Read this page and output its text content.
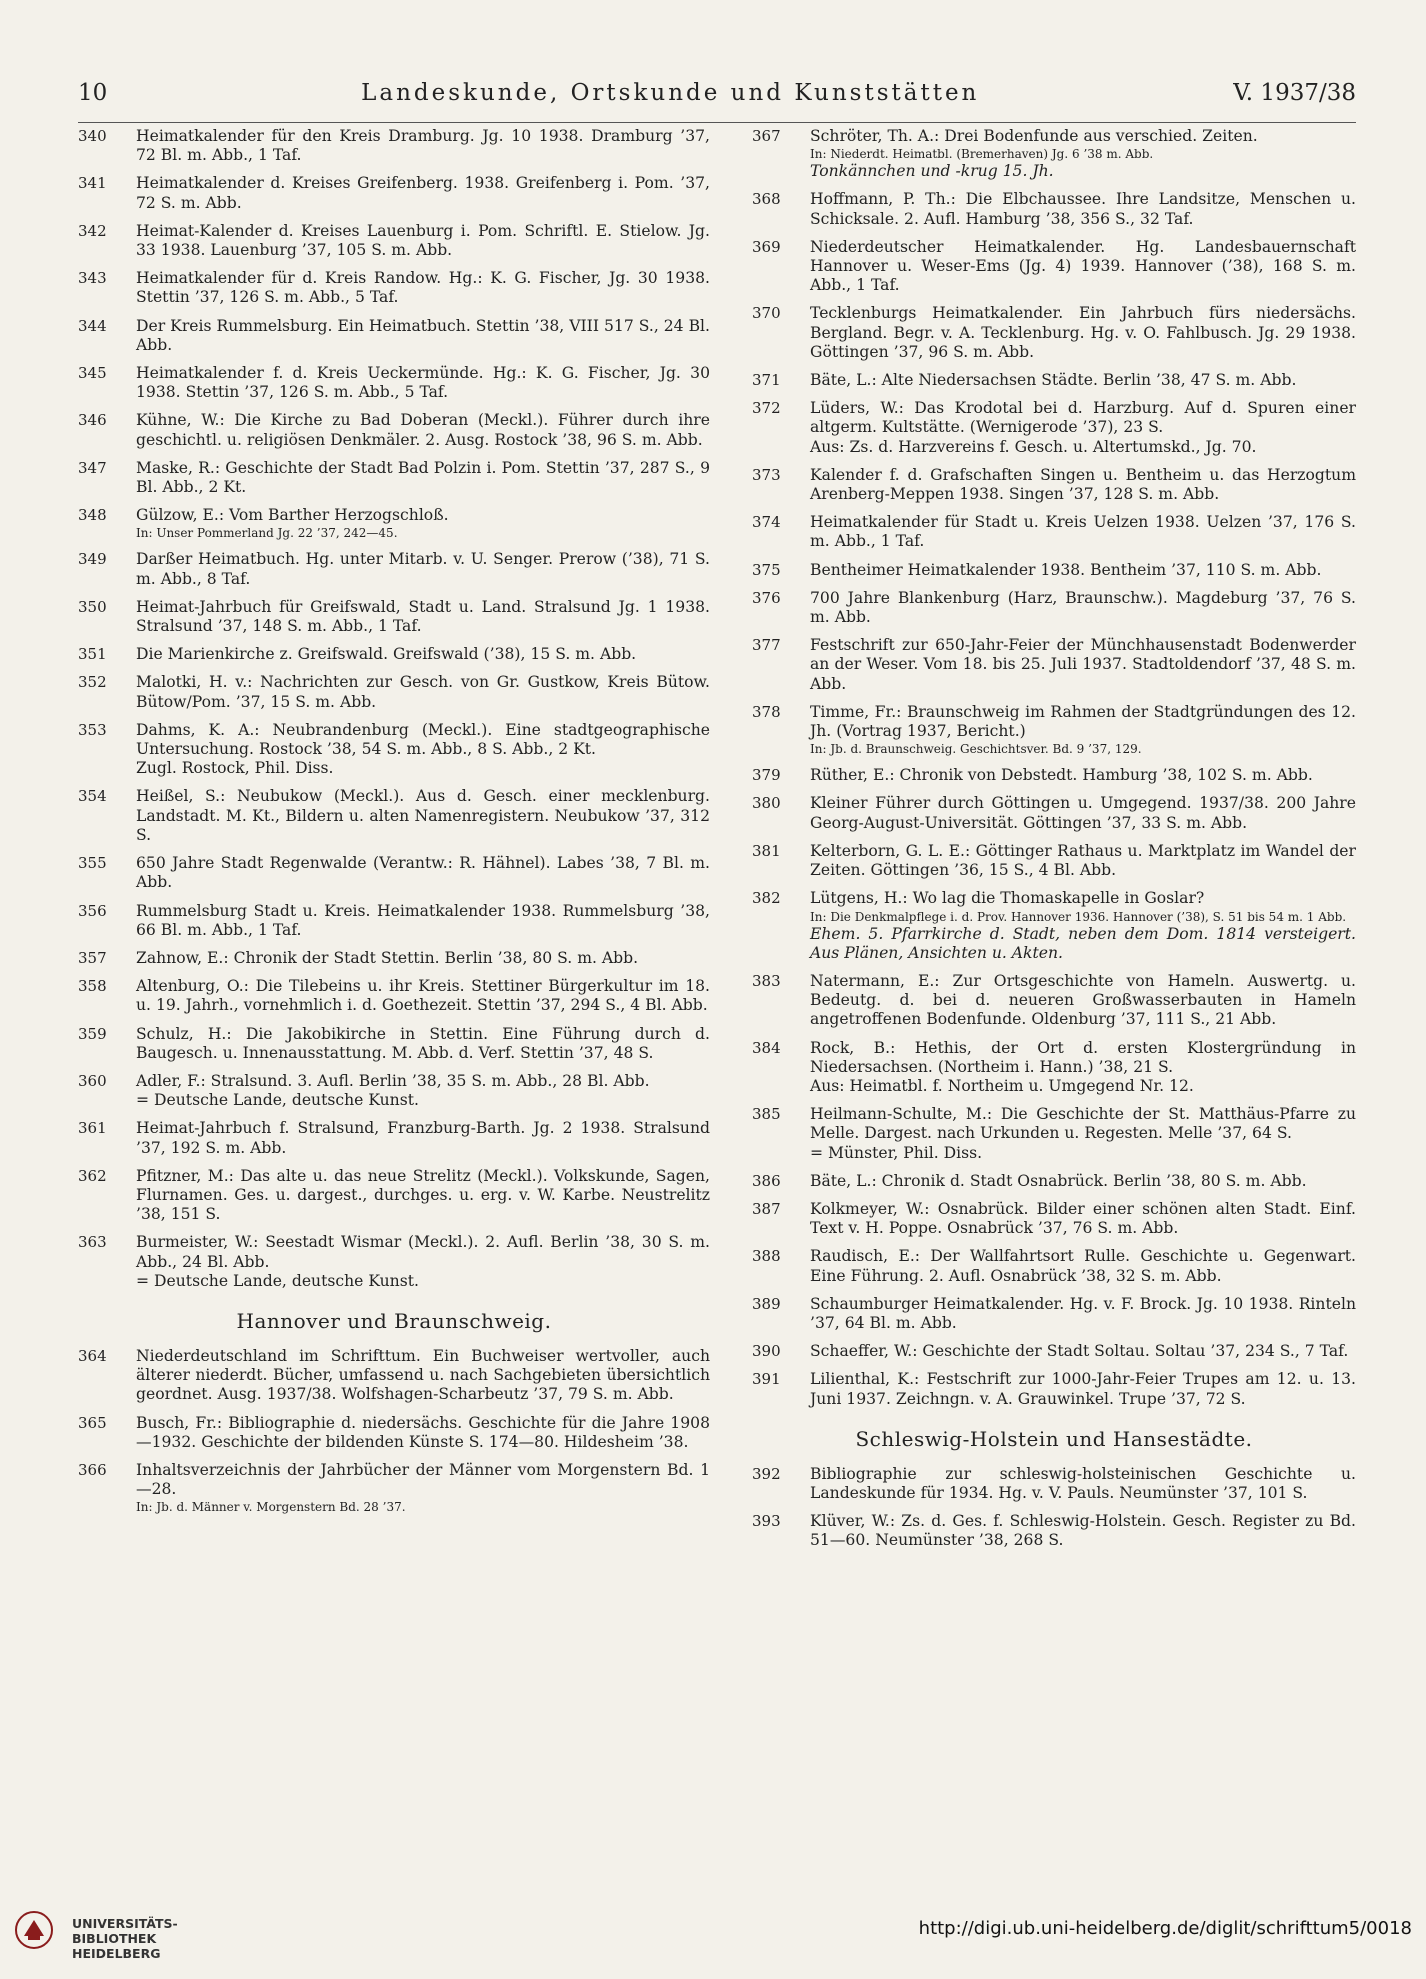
10	Landeskunde, Ortskunde und Kunststätten	V. 1937/38
340	Heimatkalender für den Kreis Dramburg. Jg. 10 1938. Dramburg ’37, 72 Bl. m. Abb., 1 Taf.
341	Heimatkalender d. Kreises Greifenberg. 1938. Greifenberg i. Pom. ’37, 72 S. m. Abb.
342	Heimat-Kalender d. Kreises Lauenburg i. Pom. Schriftl. E. Stielow. Jg. 33 1938. Lauenburg ’37, 105 S. m. Abb.
343	Heimatkalender für d. Kreis Randow. Hg.: K. G. Fischer, Jg. 30 1938. Stettin ’37, 126 S. m. Abb., 5 Taf.
344	Der Kreis Rummelsburg. Ein Heimatbuch. Stettin ’38, VIII 517 S., 24 Bl. Abb.
345	Heimatkalender f. d. Kreis Ueckermünde. Hg.: K. G. Fischer, Jg. 30 1938. Stettin ’37, 126 S. m. Abb., 5 Taf.
346	Kühne, W.: Die Kirche zu Bad Doberan (Meckl.). Führer durch ihre geschichtl. u. religiösen Denkmäler. 2. Ausg. Rostock ’38, 96 S. m. Abb.
347	Maske, R.: Geschichte der Stadt Bad Polzin i. Pom. Stettin ’37, 287 S., 9 Bl. Abb., 2 Kt.
348	Gülzow, E.: Vom Barther Herzogschloß.
In: Unser Pommerland Jg. 22 ’37, 242—45.
349	Darßer Heimatbuch. Hg. unter Mitarb. v. U. Senger. Prerow (’38), 71 S. m. Abb., 8 Taf.
350	Heimat-Jahrbuch für Greifswald, Stadt u. Land. Stralsund Jg. 1 1938. Stralsund ’37, 148 S. m. Abb., 1 Taf.
351	Die Marienkirche z. Greifswald. Greifswald (’38), 15 S. m. Abb.
352	Malotki, H. v.: Nachrichten zur Gesch. von Gr. Gustkow, Kreis Bütow. Bütow/Pom. ’37, 15 S. m. Abb.
353	Dahms, K. A.: Neubrandenburg (Meckl.). Eine stadtgeographische Untersuchung. Rostock ’38, 54 S. m. Abb., 8 S. Abb., 2 Kt.
Zugl. Rostock, Phil. Diss.
354	Heißel, S.: Neubukow (Meckl.). Aus d. Gesch. einer mecklenburg. Landstadt. M. Kt., Bildern u. alten Namenregistern. Neubukow ’37, 312 S.
355	650 Jahre Stadt Regenwalde (Verantw.: R. Hähnel). Labes ’38, 7 Bl. m. Abb.
356	Rummelsburg Stadt u. Kreis. Heimatkalender 1938. Rummelsburg ’38, 66 Bl. m. Abb., 1 Taf.
357	Zahnow, E.: Chronik der Stadt Stettin. Berlin ’38, 80 S. m. Abb.
358	Altenburg, O.: Die Tilebeins u. ihr Kreis. Stettiner Bürgerkultur im 18. u. 19. Jahrh., vornehmlich i. d. Goethezeit. Stettin ’37, 294 S., 4 Bl. Abb.
359	Schulz, H.: Die Jakobikirche in Stettin. Eine Führung durch d. Baugesch. u. Innenausstattung. M. Abb. d. Verf. Stettin ’37, 48 S.
360	Adler, F.: Stralsund. 3. Aufl. Berlin ’38, 35 S. m. Abb., 28 Bl. Abb.
= Deutsche Lande, deutsche Kunst.
361	Heimat-Jahrbuch f. Stralsund, Franzburg-Barth. Jg. 2 1938. Stralsund ’37, 192 S. m. Abb.
362	Pfitzner, M.: Das alte u. das neue Strelitz (Meckl.). Volkskunde, Sagen, Flurnamen. Ges. u. dargest., durchges. u. erg. v. W. Karbe. Neustrelitz ’38, 151 S.
363	Burmeister, W.: Seestadt Wismar (Meckl.). 2. Aufl. Berlin ’38, 30 S. m. Abb., 24 Bl. Abb.
= Deutsche Lande, deutsche Kunst.
Hannover und Braunschweig.
364	Niederdeutschland im Schrifttum. Ein Buchweiser wertvoller, auch älterer niederdt. Bücher, umfassend u. nach Sachgebieten übersichtlich geordnet. Ausg. 1937/38. Wolfshagen-Scharbeutz ’37, 79 S. m. Abb.
365	Busch, Fr.: Bibliographie d. niedersächs. Geschichte für die Jahre 1908—1932. Geschichte der bildenden Künste S. 174—80. Hildesheim ’38.
366	Inhaltsverzeichnis der Jahrbücher der Männer vom Morgenstern Bd. 1—28.
In: Jb. d. Männer v. Morgenstern Bd. 28 ’37.
367	Schröter, Th. A.: Drei Bodenfunde aus verschied. Zeiten.
In: Niederdt. Heimatbl. (Bremerhaven) Jg. 6 ’38 m. Abb.
Tonkännchen und -krug 15. Jh.
368	Hoffmann, P. Th.: Die Elbchaussee. Ihre Landsitze, Menschen u. Schicksale. 2. Aufl. Hamburg ’38, 356 S., 32 Taf.
369	Niederdeutscher Heimatkalender. Hg. Landesbauernschaft Hannover u. Weser-Ems (Jg. 4) 1939. Hannover (’38), 168 S. m. Abb., 1 Taf.
370	Tecklenburgs Heimatkalender. Ein Jahrbuch fürs niedersächs. Bergland. Begr. v. A. Tecklenburg. Hg. v. O. Fahlbusch. Jg. 29 1938. Göttingen ’37, 96 S. m. Abb.
371	Bäte, L.: Alte Niedersachsen Städte. Berlin ’38, 47 S. m. Abb.
372	Lüders, W.: Das Krodotal bei d. Harzburg. Auf d. Spuren einer altgerm. Kultstätte. (Wernigerode ’37), 23 S.
Aus: Zs. d. Harzvereins f. Gesch. u. Altertumskd., Jg. 70.
373	Kalender f. d. Grafschaften Singen u. Bentheim u. das Herzogtum Arenberg-Meppen 1938. Singen ’37, 128 S. m. Abb.
374	Heimatkalender für Stadt u. Kreis Uelzen 1938. Uelzen ’37, 176 S. m. Abb., 1 Taf.
375	Bentheimer Heimatkalender 1938. Bentheim ’37, 110 S. m. Abb.
376	700 Jahre Blankenburg (Harz, Braunschw.). Magdeburg ’37, 76 S. m. Abb.
377	Festschrift zur 650-Jahr-Feier der Münchhausenstadt Bodenwerder an der Weser. Vom 18. bis 25. Juli 1937. Stadtoldendorf ’37, 48 S. m. Abb.
378	Timme, Fr.: Braunschweig im Rahmen der Stadtgründungen des 12. Jh. (Vortrag 1937, Bericht.)
In: Jb. d. Braunschweig. Geschichtsver. Bd. 9 ’37, 129.
379	Rüther, E.: Chronik von Debstedt. Hamburg ’38, 102 S. m. Abb.
380	Kleiner Führer durch Göttingen u. Umgegend. 1937/38. 200 Jahre Georg-August-Universität. Göttingen ’37, 33 S. m. Abb.
381	Kelterborn, G. L. E.: Göttinger Rathaus u. Marktplatz im Wandel der Zeiten. Göttingen ’36, 15 S., 4 Bl. Abb.
382	Lütgens, H.: Wo lag die Thomaskapelle in Goslar?
In: Die Denkmalpflege i. d. Prov. Hannover 1936. Hannover (’38), S. 51 bis 54 m. 1 Abb.
Ehem. 5. Pfarrkirche d. Stadt, neben dem Dom. 1814 versteigert. Aus Plänen, Ansichten u. Akten.
383	Natermann, E.: Zur Ortsgeschichte von Hameln. Auswertg. u. Bedeutg. d. bei d. neueren Großwasserbauten in Hameln angetroffenen Bodenfunde. Oldenburg ’37, 111 S., 21 Abb.
384	Rock, B.: Hethis, der Ort d. ersten Klostergründung in Niedersachsen. (Northeim i. Hann.) ’38, 21 S.
Aus: Heimatbl. f. Northeim u. Umgegend Nr. 12.
385	Heilmann-Schulte, M.: Die Geschichte der St. Matthäus-Pfarre zu Melle. Dargest. nach Urkunden u. Regesten. Melle ’37, 64 S.
= Münster, Phil. Diss.
386	Bäte, L.: Chronik d. Stadt Osnabrück. Berlin ’38, 80 S. m. Abb.
387	Kolkmeyer, W.: Osnabrück. Bilder einer schönen alten Stadt. Einf. Text v. H. Poppe. Osnabrück ’37, 76 S. m. Abb.
388	Raudisch, E.: Der Wallfahrtsort Rulle. Geschichte u. Gegenwart. Eine Führung. 2. Aufl. Osnabrück ’38, 32 S. m. Abb.
389	Schaumburger Heimatkalender. Hg. v. F. Brock. Jg. 10 1938. Rinteln ’37, 64 Bl. m. Abb.
390	Schaeffer, W.: Geschichte der Stadt Soltau. Soltau ’37, 234 S., 7 Taf.
391	Lilienthal, K.: Festschrift zur 1000-Jahr-Feier Trupes am 12. u. 13. Juni 1937. Zeichngn. v. A. Grauwinkel. Trupe ’37, 72 S.
Schleswig-Holstein und Hansestädte.
392	Bibliographie zur schleswig-holsteinischen Geschichte u. Landeskunde für 1934. Hg. v. V. Pauls. Neumünster ’37, 101 S.
393	Klüver, W.: Zs. d. Ges. f. Schleswig-Holstein. Gesch. Register zu Bd. 51—60. Neumünster ’38, 268 S.
UNIVERSITÄTS-
BIBLIOTHEK
HEIDELBERG
http://digi.ub.uni-heidelberg.de/diglit/schrifttum5/0018
